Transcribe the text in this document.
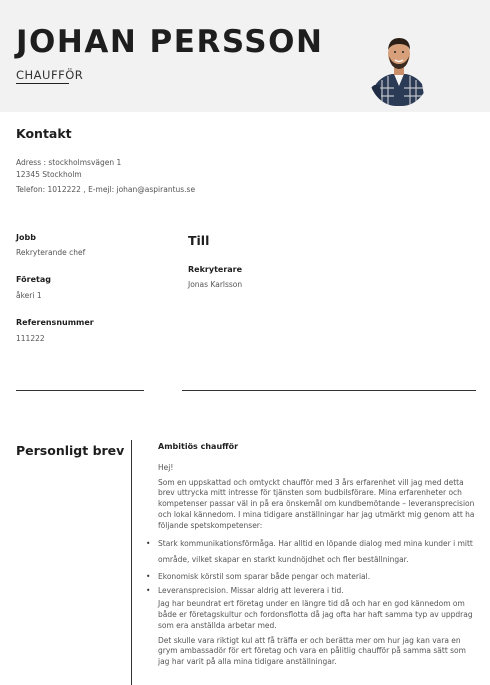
JOHAN PERSSON
CHAUFFÖR
Kontakt
Adress : stockholmsvägen 1
12345 Stockholm
Telefon: 1012222 , E-mejl: johan@aspirantus.se
Jobb
Rekryterande chef
Företag
åkeri 1
Referensnummer
111222
Till
Rekryterare
Jonas Karlsson
Personligt brev	Ambitiös chaufför

Hej!

Som en uppskattad och omtyckt chaufför med 3 års erfarenhet vill jag med detta brev uttrycka mitt intresse för tjänsten som budbilsförare. Mina erfarenheter och kompetenser passar väl in på era önskemål om kundbemötande – leveransprecision och lokal kännedom. I mina tidigare anställningar har jag utmärkt mig genom att ha följande spetskompetenser:

• Stark kommunikationsförmåga. Har alltid en löpande dialog med mina kunder i mitt område, vilket skapar en starkt kundnöjdhet och fler beställningar.
• Ekonomisk körstil som sparar både pengar och material.
• Leveransprecision. Missar aldrig att leverera i tid.

Jag har beundrat ert företag under en längre tid då och har en god kännedom om både er företagskultur och fordonsflotta då jag ofta har haft samma typ av uppdrag som era anställda arbetar med.

Det skulle vara riktigt kul att få träffa er och berätta mer om hur jag kan vara en grym ambassadör för ert företag och vara en pålitlig chaufför på samma sätt som jag har varit på alla mina tidigare anställningar.
